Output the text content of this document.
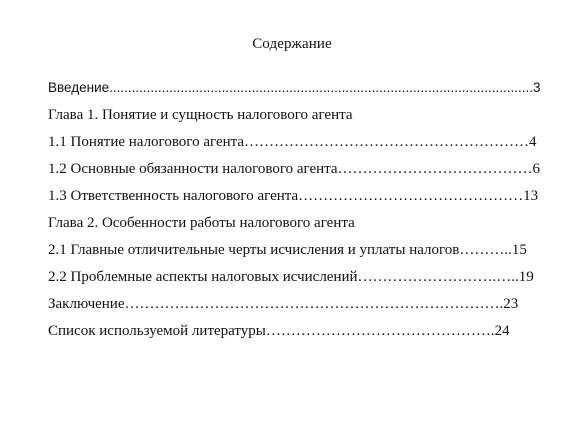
Содержание
Введение.................................................................................................................3
Глава 1. Понятие и сущность налогового агента
1.1 Понятие налогового агента…………………………………………………4
1.2 Основные обязанности налогового агента…………………………………6
1.3 Ответственность налогового агента………………………………………13
Глава 2. Особенности работы налогового агента
2.1 Главные отличительные черты исчисления и уплаты налогов………..15
2.2 Проблемные аспекты налоговых исчислений……………………….…..19
Заключение………………………………………………………………….23
Список используемой литературы……………………………………….24
